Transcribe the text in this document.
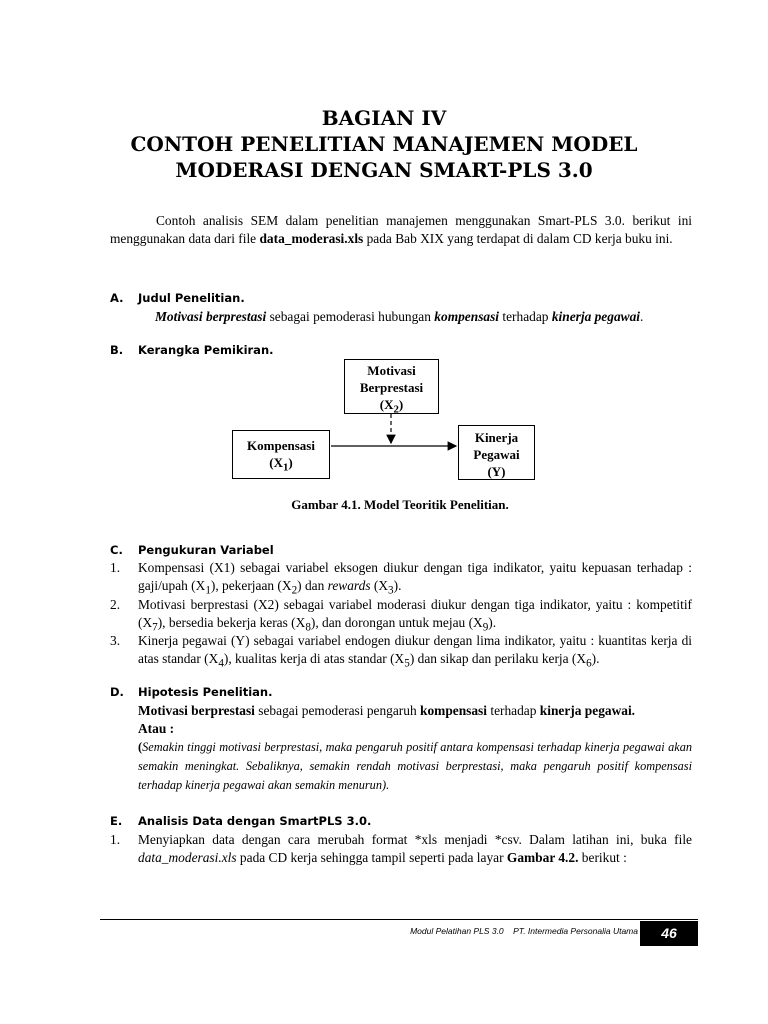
BAGIAN IV
CONTOH PENELITIAN MANAJEMEN MODEL
MODERASI DENGAN SMART-PLS 3.0
Contoh analisis SEM dalam penelitian manajemen menggunakan Smart-PLS 3.0. berikut ini menggunakan data dari file data_moderasi.xls pada Bab XIX yang terdapat di dalam CD kerja buku ini.
A. Judul Penelitian.
Motivasi berprestasi sebagai pemoderasi hubungan kompensasi terhadap kinerja pegawai.
B. Kerangka Pemikiran.
Motivasi
Berprestasi
$(X_2)$
Kompensasi
$(X_1)$
Kinerja
Pegawai
(Y)
Gambar 4.1. Model Teoritik Penelitian.
C. Pengukuran Variabel
1. Kompensasi (X1) sebagai variabel eksogen diukur dengan tiga indikator, yaitu kepuasan terhadap : gaji/upah $(X_1)$, pekerjaan $(X_2)$ dan rewards $(X_3)$.
2. Motivasi berprestasi (X2) sebagai variabel moderasi diukur dengan tiga indikator, yaitu : kompetitif $(X_7)$, bersedia bekerja keras $(X_8)$, dan dorongan untuk mejau $(X_9)$.
3. Kinerja pegawai (Y) sebagai variabel endogen diukur dengan lima indikator, yaitu : kuantitas kerja di atas standar $(X_4)$, kualitas kerja di atas standar $(X_5)$ dan sikap dan perilaku kerja $(X_6)$.
D. Hipotesis Penelitian.
Motivasi berprestasi sebagai pemoderasi pengaruh kompensasi terhadap kinerja pegawai.
Atau :
(Semakin tinggi motivasi berprestasi, maka pengaruh positif antara kompensasi terhadap kinerja pegawai akan semakin meningkat. Sebaliknya, semakin rendah motivasi berprestasi, maka pengaruh positif kompensasi terhadap kinerja pegawai akan semakin menurun).
E. Analisis Data dengan SmartPLS 3.0.
1. Menyiapkan data dengan cara merubah format *xls menjadi *csv. Dalam latihan ini, buka file data_moderasi.xls pada CD kerja sehingga tampil seperti pada layar Gambar 4.2. berikut :
Modul Pelatihan PLS 3.0 PT. Intermedia Personalia Utama	46
